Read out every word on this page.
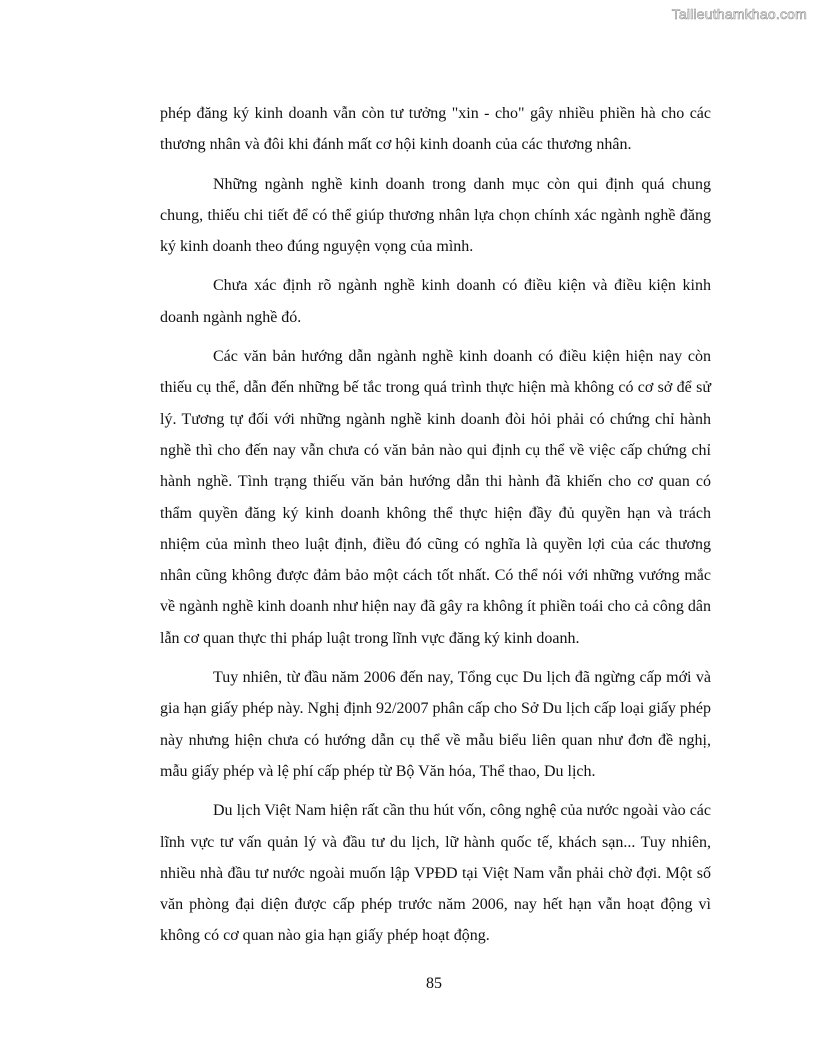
Tailieuthamkhao.com

phép đăng ký kinh doanh vẫn còn tư tưởng "xin - cho" gây nhiều phiền hà cho các thương nhân và đôi khi đánh mất cơ hội kinh doanh của các thương nhân.

Những ngành nghề kinh doanh trong danh mục còn qui định quá chung chung, thiếu chi tiết để có thể giúp thương nhân lựa chọn chính xác ngành nghề đăng ký kinh doanh theo đúng nguyện vọng của mình.

Chưa xác định rõ ngành nghề kinh doanh có điều kiện và điều kiện kinh doanh ngành nghề đó.

Các văn bản hướng dẫn ngành nghề kinh doanh có điều kiện hiện nay còn thiếu cụ thể, dẫn đến những bế tắc trong quá trình thực hiện mà không có cơ sở để sử lý. Tương tự đối với những ngành nghề kinh doanh đòi hỏi phải có chứng chỉ hành nghề thì cho đến nay vẫn chưa có văn bản nào qui định cụ thể về việc cấp chứng chỉ hành nghề. Tình trạng thiếu văn bản hướng dẫn thi hành đã khiến cho cơ quan có thẩm quyền đăng ký kinh doanh không thể thực hiện đầy đủ quyền hạn và trách nhiệm của mình theo luật định, điều đó cũng có nghĩa là quyền lợi của các thương nhân cũng không được đảm bảo một cách tốt nhất. Có thể nói với những vướng mắc về ngành nghề kinh doanh như hiện nay đã gây ra không ít phiền toái cho cả công dân lẫn cơ quan thực thi pháp luật trong lĩnh vực đăng ký kinh doanh.

Tuy nhiên, từ đầu năm 2006 đến nay, Tổng cục Du lịch đã ngừng cấp mới và gia hạn giấy phép này. Nghị định 92/2007 phân cấp cho Sở Du lịch cấp loại giấy phép này nhưng hiện chưa có hướng dẫn cụ thể về mẫu biểu liên quan như đơn đề nghị, mẫu giấy phép và lệ phí cấp phép từ Bộ Văn hóa, Thể thao, Du lịch.

Du lịch Việt Nam hiện rất cần thu hút vốn, công nghệ của nước ngoài vào các lĩnh vực tư vấn quản lý và đầu tư du lịch, lữ hành quốc tế, khách sạn... Tuy nhiên, nhiều nhà đầu tư nước ngoài muốn lập VPĐD tại Việt Nam vẫn phải chờ đợi. Một số văn phòng đại diện được cấp phép trước năm 2006, nay hết hạn vẫn hoạt động vì không có cơ quan nào gia hạn giấy phép hoạt động.

85
